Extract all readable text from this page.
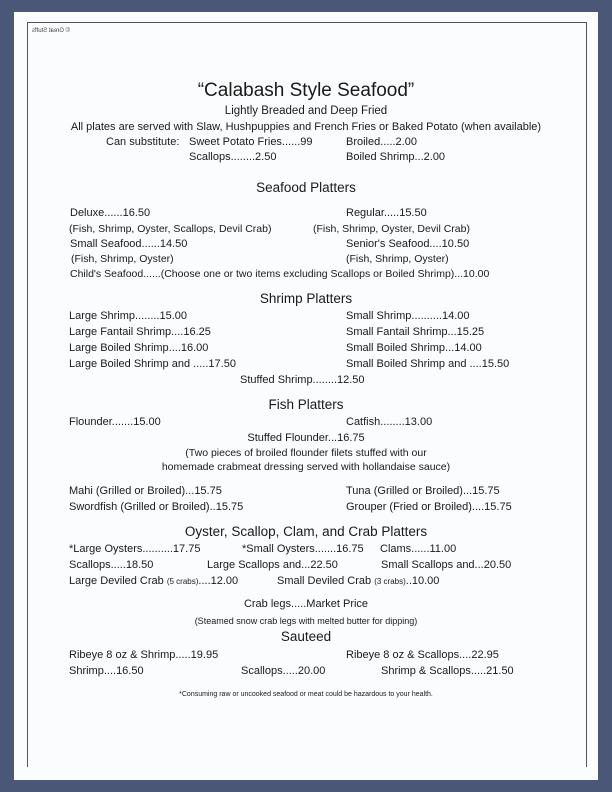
© Great Stuffs
“Calabash Style Seafood”
Lightly Breaded and Deep Fried
All plates are served with Slaw, Hushpuppies and French Fries or Baked Potato (when available)
Can substitute: Sweet Potato Fries......99	Broiled.....2.00
Scallops........2.50	Boiled Shrimp...2.00
Seafood Platters
Deluxe......16.50	Regular.....15.50
(Fish, Shrimp, Oyster, Scallops, Devil Crab)	(Fish, Shrimp, Oyster, Devil Crab)
Small Seafood......14.50	Senior's Seafood....10.50
(Fish, Shrimp, Oyster)	(Fish, Shrimp, Oyster)
Child's Seafood......(Choose one or two items excluding Scallops or Boiled Shrimp)...10.00
Shrimp Platters
Large Shrimp........15.00	Small Shrimp..........14.00
Large Fantail Shrimp....16.25	Small Fantail Shrimp...15.25
Large Boiled Shrimp....16.00	Small Boiled Shrimp...14.00
Large Boiled Shrimp and .....17.50	Small Boiled Shrimp and ....15.50
Stuffed Shrimp........12.50
Fish Platters
Flounder.......15.00	Catfish........13.00
Stuffed Flounder...16.75
(Two pieces of broiled flounder filets stuffed with our
homemade crabmeat dressing served with hollandaise sauce)
Mahi (Grilled or Broiled)...15.75	Tuna (Grilled or Broiled)...15.75
Swordfish (Grilled or Broiled)..15.75	Grouper (Fried or Broiled)....15.75
Oyster, Scallop, Clam, and Crab Platters
*Large Oysters..........17.75	*Small Oysters.......16.75 Clams......11.00
Scallops.....18.50	Large Scallops and...22.50	Small Scallops and...20.50
Large Deviled Crab (5 crabs)....12.00	Small Deviled Crab (3 crabs)..10.00
Crab legs.....Market Price
(Steamed snow crab legs with melted butter for dipping)
Sauteed
Ribeye 8 oz & Shrimp.....19.95	Ribeye 8 oz & Scallops....22.95
Shrimp....16.50	Scallops.....20.00	Shrimp & Scallops.....21.50
*Consuming raw or uncooked seafood or meat could be hazardous to your health.
